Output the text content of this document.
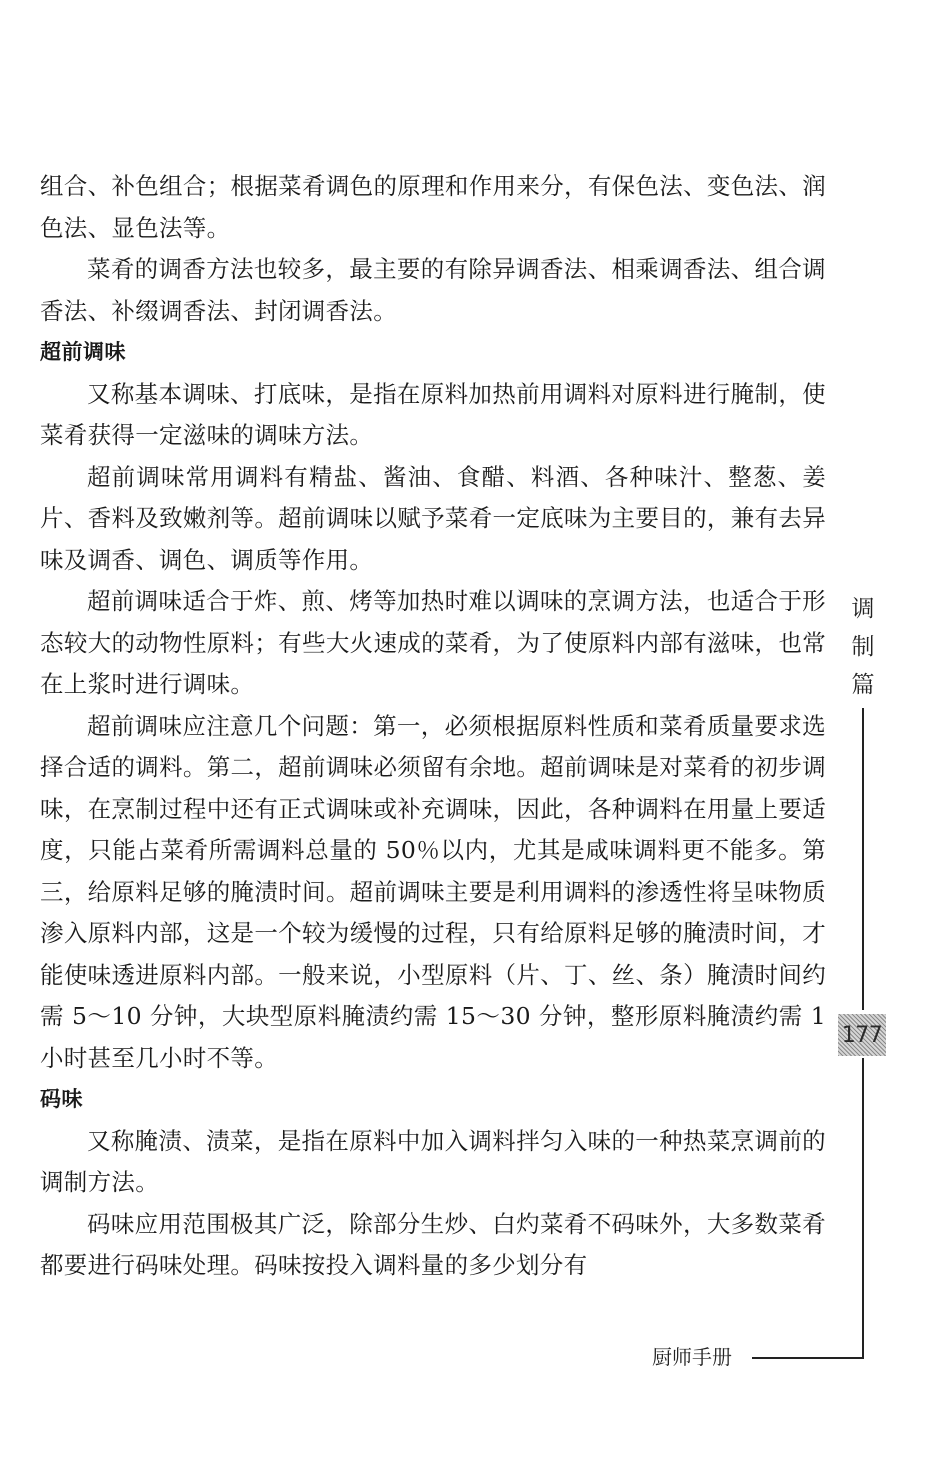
组合、补色组合；根据菜肴调色的原理和作用来分，有保色法、变色法、润色法、显色法等。

菜肴的调香方法也较多，最主要的有除异调香法、相乘调香法、组合调香法、补缀调香法、封闭调香法。

超前调味

又称基本调味、打底味，是指在原料加热前用调料对原料进行腌制，使菜肴获得一定滋味的调味方法。

超前调味常用调料有精盐、酱油、食醋、料酒、各种味汁、整葱、姜片、香料及致嫩剂等。超前调味以赋予菜肴一定底味为主要目的，兼有去异味及调香、调色、调质等作用。

超前调味适合于炸、煎、烤等加热时难以调味的烹调方法，也适合于形态较大的动物性原料；有些大火速成的菜肴，为了使原料内部有滋味，也常在上浆时进行调味。

超前调味应注意几个问题：第一，必须根据原料性质和菜肴质量要求选择合适的调料。第二，超前调味必须留有余地。超前调味是对菜肴的初步调味，在烹制过程中还有正式调味或补充调味，因此，各种调料在用量上要适度，只能占菜肴所需调料总量的 50％以内，尤其是咸味调料更不能多。第三，给原料足够的腌渍时间。超前调味主要是利用调料的渗透性将呈味物质渗入原料内部，这是一个较为缓慢的过程，只有给原料足够的腌渍时间，才能使味透进原料内部。一般来说，小型原料（片、丁、丝、条）腌渍时间约需 5～10 分钟，大块型原料腌渍约需 15～30 分钟，整形原料腌渍约需 1 小时甚至几小时不等。

码味

又称腌渍、渍菜，是指在原料中加入调料拌匀入味的一种热菜烹调前的调制方法。

码味应用范围极其广泛，除部分生炒、白灼菜肴不码味外，大多数菜肴都要进行码味处理。码味按投入调料量的多少划分有

调
制
篇
177
厨师手册
